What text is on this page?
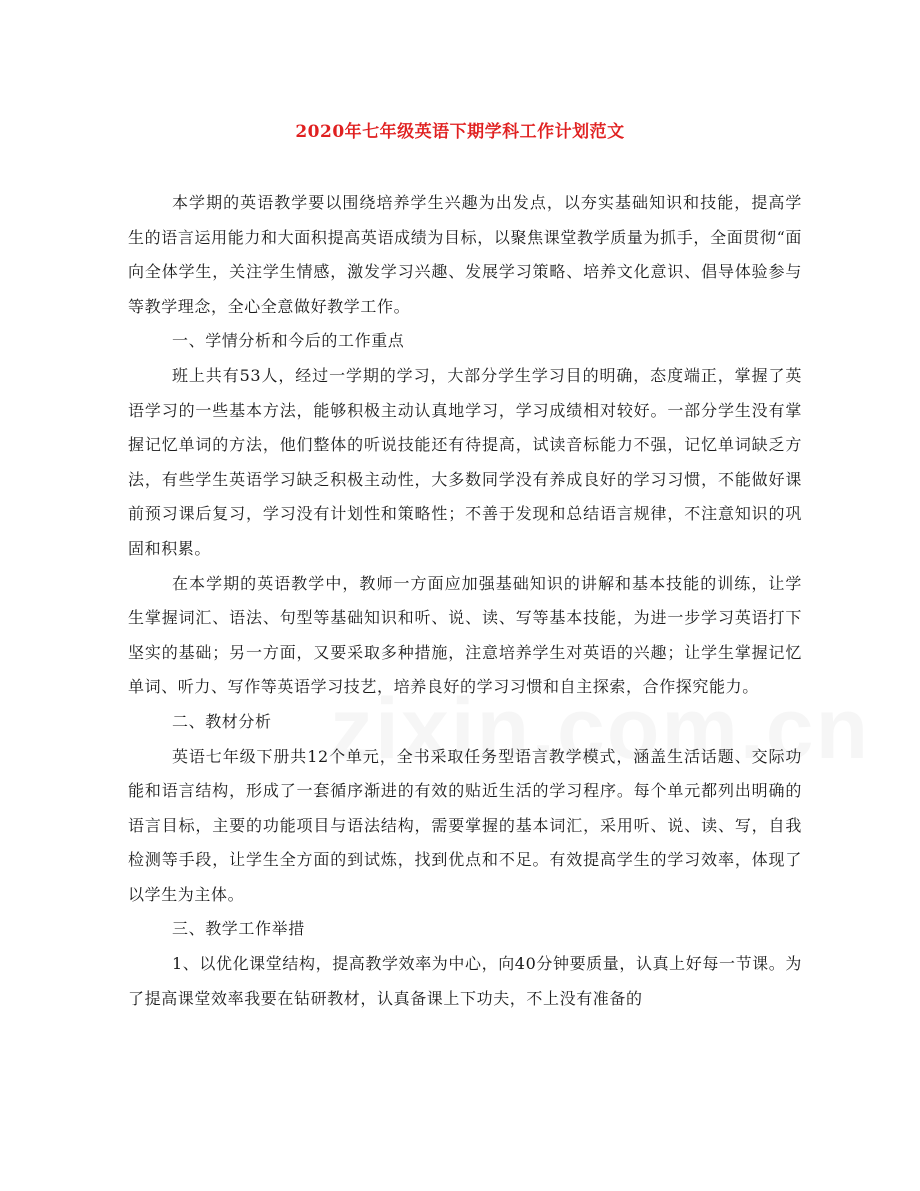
2020年七年级英语下期学科工作计划范文

本学期的英语教学要以围绕培养学生兴趣为出发点，以夯实基础知识和技能，提高学生的语言运用能力和大面积提高英语成绩为目标，以聚焦课堂教学质量为抓手，全面贯彻“面向全体学生，关注学生情感，激发学习兴趣、发展学习策略、培养文化意识、倡导体验参与等教学理念，全心全意做好教学工作。

一、学情分析和今后的工作重点

班上共有53人，经过一学期的学习，大部分学生学习目的明确，态度端正，掌握了英语学习的一些基本方法，能够积极主动认真地学习，学习成绩相对较好。一部分学生没有掌握记忆单词的方法，他们整体的听说技能还有待提高，试读音标能力不强，记忆单词缺乏方法，有些学生英语学习缺乏积极主动性，大多数同学没有养成良好的学习习惯，不能做好课前预习课后复习，学习没有计划性和策略性；不善于发现和总结语言规律，不注意知识的巩固和积累。

在本学期的英语教学中，教师一方面应加强基础知识的讲解和基本技能的训练，让学生掌握词汇、语法、句型等基础知识和听、说、读、写等基本技能，为进一步学习英语打下坚实的基础；另一方面，又要采取多种措施，注意培养学生对英语的兴趣；让学生掌握记忆单词、听力、写作等英语学习技艺，培养良好的学习习惯和自主探索，合作探究能力。

二、教材分析

英语七年级下册共12个单元，全书采取任务型语言教学模式，涵盖生活话题、交际功能和语言结构，形成了一套循序渐进的有效的贴近生活的学习程序。每个单元都列出明确的语言目标，主要的功能项目与语法结构，需要掌握的基本词汇，采用听、说、读、写，自我检测等手段，让学生全方面的到试炼，找到优点和不足。有效提高学生的学习效率，体现了以学生为主体。

三、教学工作举措

1、以优化课堂结构，提高教学效率为中心，向40分钟要质量，认真上好每一节课。为了提高课堂效率我要在钻研教材，认真备课上下功夫，不上没有准备的
